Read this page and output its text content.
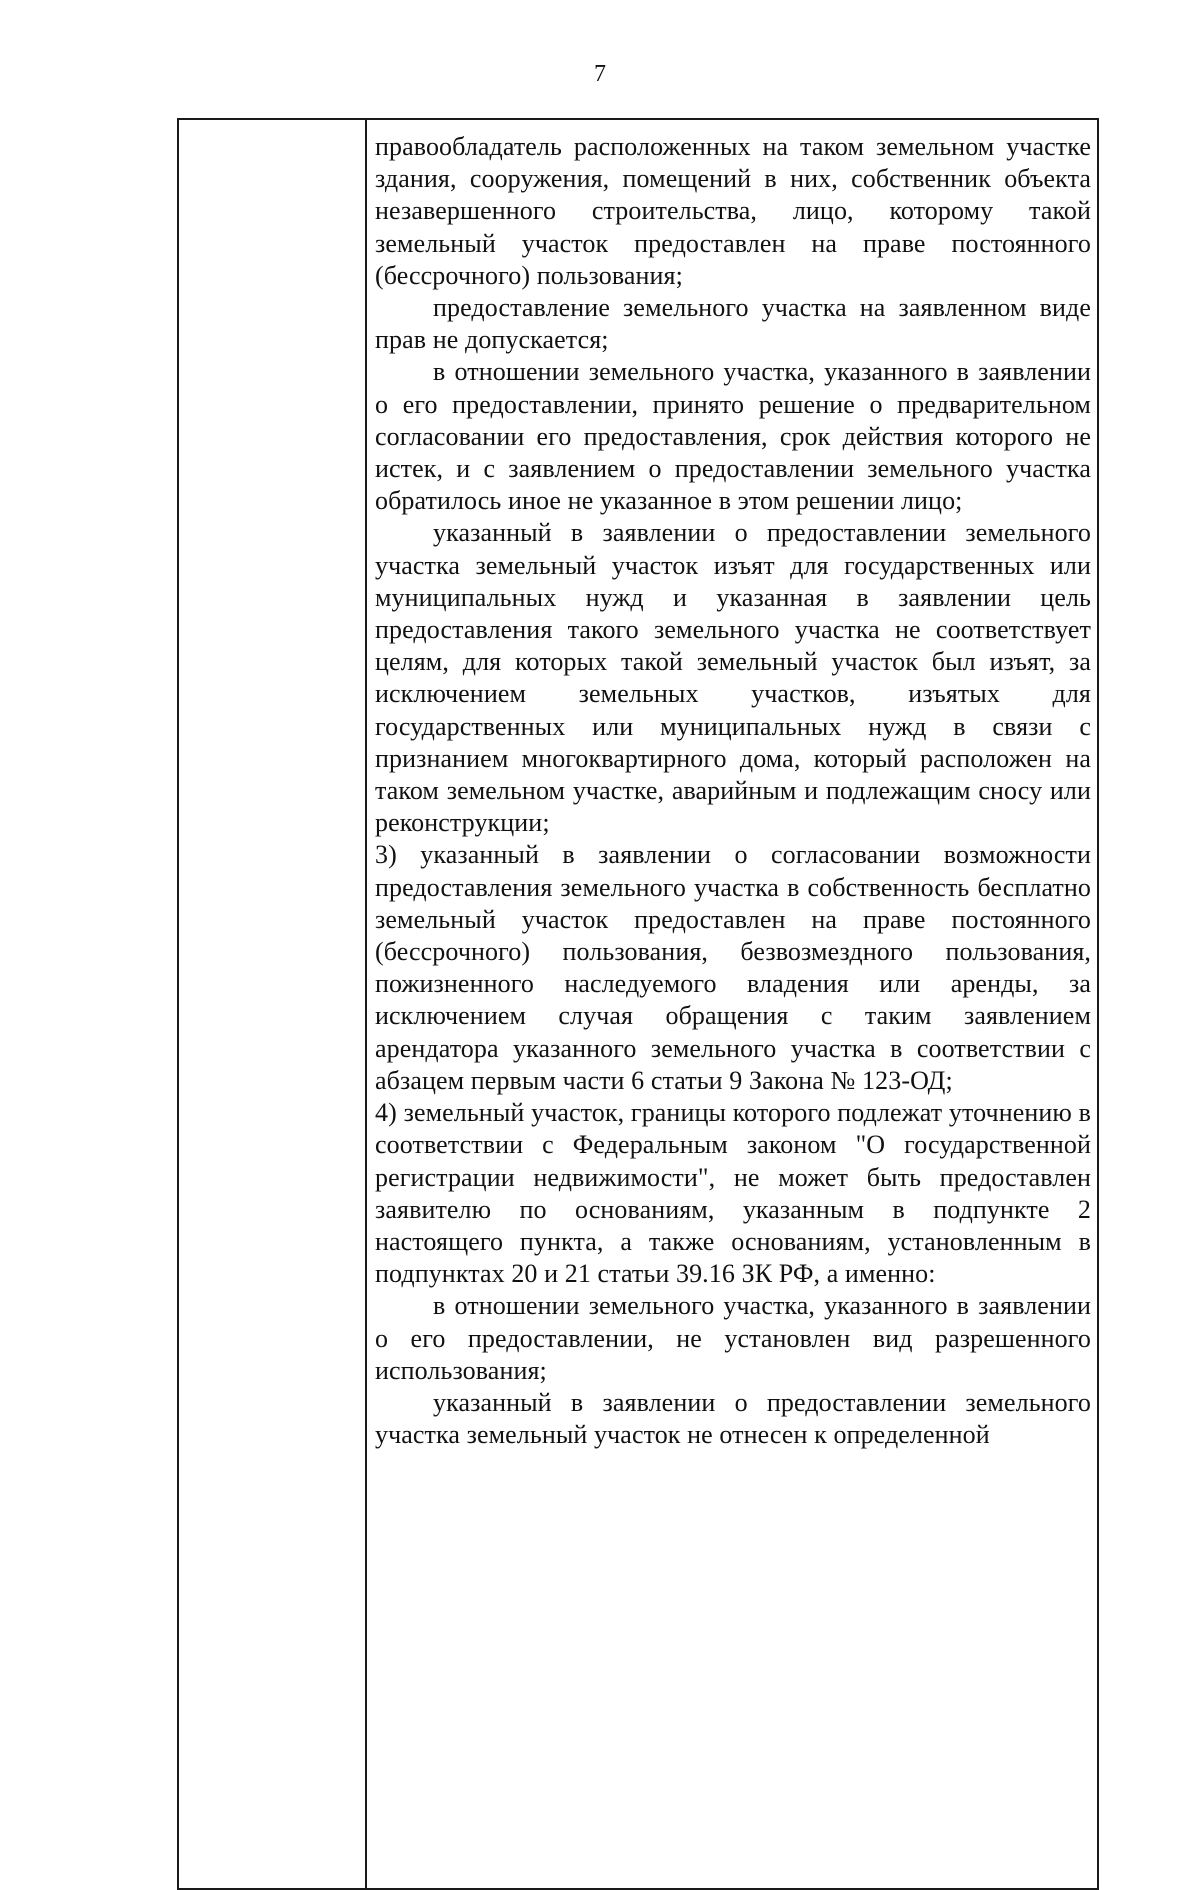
7

правообладатель расположенных на таком земельном участке здания, сооружения, помещений в них, собственник объекта незавершенного строительства, лицо, которому такой земельный участок предоставлен на праве постоянного (бессрочного) пользования;

предоставление земельного участка на заявленном виде прав не допускается;

в отношении земельного участка, указанного в заявлении о его предоставлении, принято решение о предварительном согласовании его предоставления, срок действия которого не истек, и с заявлением о предоставлении земельного участка обратилось иное не указанное в этом решении лицо;

указанный в заявлении о предоставлении земельного участка земельный участок изъят для государственных или муниципальных нужд и указанная в заявлении цель предоставления такого земельного участка не соответствует целям, для которых такой земельный участок был изъят, за исключением земельных участков, изъятых для государственных или муниципальных нужд в связи с признанием многоквартирного дома, который расположен на таком земельном участке, аварийным и подлежащим сносу или реконструкции;

3) указанный в заявлении о согласовании возможности предоставления земельного участка в собственность бесплатно земельный участок предоставлен на праве постоянного (бессрочного) пользования, безвозмездного пользования, пожизненного наследуемого владения или аренды, за исключением случая обращения с таким заявлением арендатора указанного земельного участка в соответствии с абзацем первым части 6 статьи 9 Закона № 123-ОД;

4) земельный участок, границы которого подлежат уточнению в соответствии с Федеральным законом "О государственной регистрации недвижимости", не может быть предоставлен заявителю по основаниям, указанным в подпункте 2 настоящего пункта, а также основаниям, установленным в подпунктах 20 и 21 статьи 39.16 ЗК РФ, а именно:

в отношении земельного участка, указанного в заявлении о его предоставлении, не установлен вид разрешенного использования;

указанный в заявлении о предоставлении земельного участка земельный участок не отнесен к определенной
